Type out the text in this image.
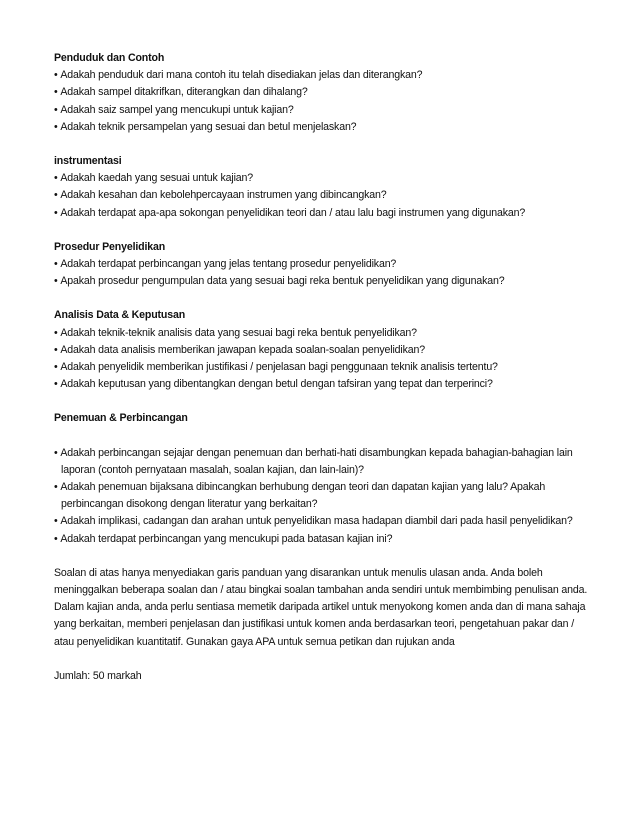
Penduduk dan Contoh

• Adakah penduduk dari mana contoh itu telah disediakan jelas dan diterangkan?

• Adakah sampel ditakrifkan, diterangkan dan dihalang?

• Adakah saiz sampel yang mencukupi untuk kajian?

• Adakah teknik persampelan yang sesuai dan betul menjelaskan?

instrumentasi

• Adakah kaedah yang sesuai untuk kajian?

• Adakah kesahan dan kebolehpercayaan instrumen yang dibincangkan?

• Adakah terdapat apa-apa sokongan penyelidikan teori dan / atau lalu bagi instrumen yang digunakan?

Prosedur Penyelidikan

• Adakah terdapat perbincangan yang jelas tentang prosedur penyelidikan?

• Apakah prosedur pengumpulan data yang sesuai bagi reka bentuk penyelidikan yang digunakan?

Analisis Data & Keputusan

• Adakah teknik-teknik analisis data yang sesuai bagi reka bentuk penyelidikan?

• Adakah data analisis memberikan jawapan kepada soalan-soalan penyelidikan?

• Adakah penyelidik memberikan justifikasi / penjelasan bagi penggunaan teknik analisis tertentu?

• Adakah keputusan yang dibentangkan dengan betul dengan tafsiran yang tepat dan terperinci?

Penemuan & Perbincangan

• Adakah perbincangan sejajar dengan penemuan dan berhati-hati disambungkan kepada bahagian-bahagian lain laporan (contoh pernyataan masalah, soalan kajian, dan lain-lain)?

• Adakah penemuan bijaksana dibincangkan berhubung dengan teori dan dapatan kajian yang lalu? Apakah perbincangan disokong dengan literatur yang berkaitan?

• Adakah implikasi, cadangan dan arahan untuk penyelidikan masa hadapan diambil dari pada hasil penyelidikan?

• Adakah terdapat perbincangan yang mencukupi pada batasan kajian ini?

Soalan di atas hanya menyediakan garis panduan yang disarankan untuk menulis ulasan anda. Anda boleh meninggalkan beberapa soalan dan / atau bingkai soalan tambahan anda sendiri untuk membimbing penulisan anda. Dalam kajian anda, anda perlu sentiasa memetik daripada artikel untuk menyokong komen anda dan di mana sahaja yang berkaitan, memberi penjelasan dan justifikasi untuk komen anda berdasarkan teori, pengetahuan pakar dan / atau penyelidikan kuantitatif. Gunakan gaya APA untuk semua petikan dan rujukan anda

Jumlah: 50 markah
